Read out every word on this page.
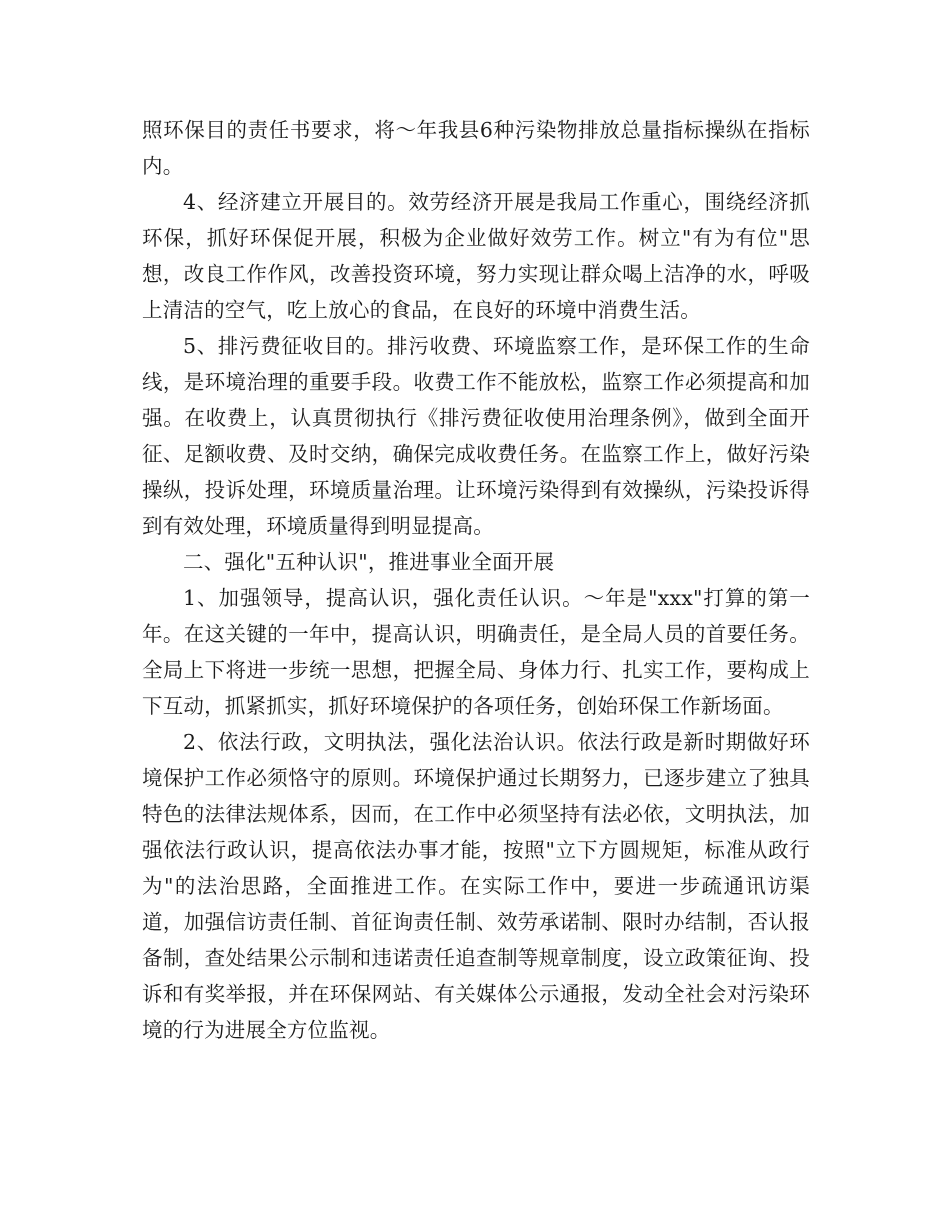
照环保目的责任书要求，将～年我县6种污染物排放总量指标操纵在指标内。

4、经济建立开展目的。效劳经济开展是我局工作重心，围绕经济抓环保，抓好环保促开展，积极为企业做好效劳工作。树立"有为有位"思想，改良工作作风，改善投资环境，努力实现让群众喝上洁净的水，呼吸上清洁的空气，吃上放心的食品，在良好的环境中消费生活。

5、排污费征收目的。排污收费、环境监察工作，是环保工作的生命线，是环境治理的重要手段。收费工作不能放松，监察工作必须提高和加强。在收费上，认真贯彻执行《排污费征收使用治理条例》，做到全面开征、足额收费、及时交纳，确保完成收费任务。在监察工作上，做好污染操纵，投诉处理，环境质量治理。让环境污染得到有效操纵，污染投诉得到有效处理，环境质量得到明显提高。

二、强化"五种认识"，推进事业全面开展

1、加强领导，提高认识，强化责任认识。～年是"xxx"打算的第一年。在这关键的一年中，提高认识，明确责任，是全局人员的首要任务。全局上下将进一步统一思想，把握全局、身体力行、扎实工作，要构成上下互动，抓紧抓实，抓好环境保护的各项任务，创始环保工作新场面。

2、依法行政，文明执法，强化法治认识。依法行政是新时期做好环境保护工作必须恪守的原则。环境保护通过长期努力，已逐步建立了独具特色的法律法规体系，因而，在工作中必须坚持有法必依，文明执法，加强依法行政认识，提高依法办事才能，按照"立下方圆规矩，标准从政行为"的法治思路，全面推进工作。在实际工作中，要进一步疏通讯访渠道，加强信访责任制、首征询责任制、效劳承诺制、限时办结制，否认报备制，查处结果公示制和违诺责任追查制等规章制度，设立政策征询、投诉和有奖举报，并在环保网站、有关媒体公示通报，发动全社会对污染环境的行为进展全方位监视。
